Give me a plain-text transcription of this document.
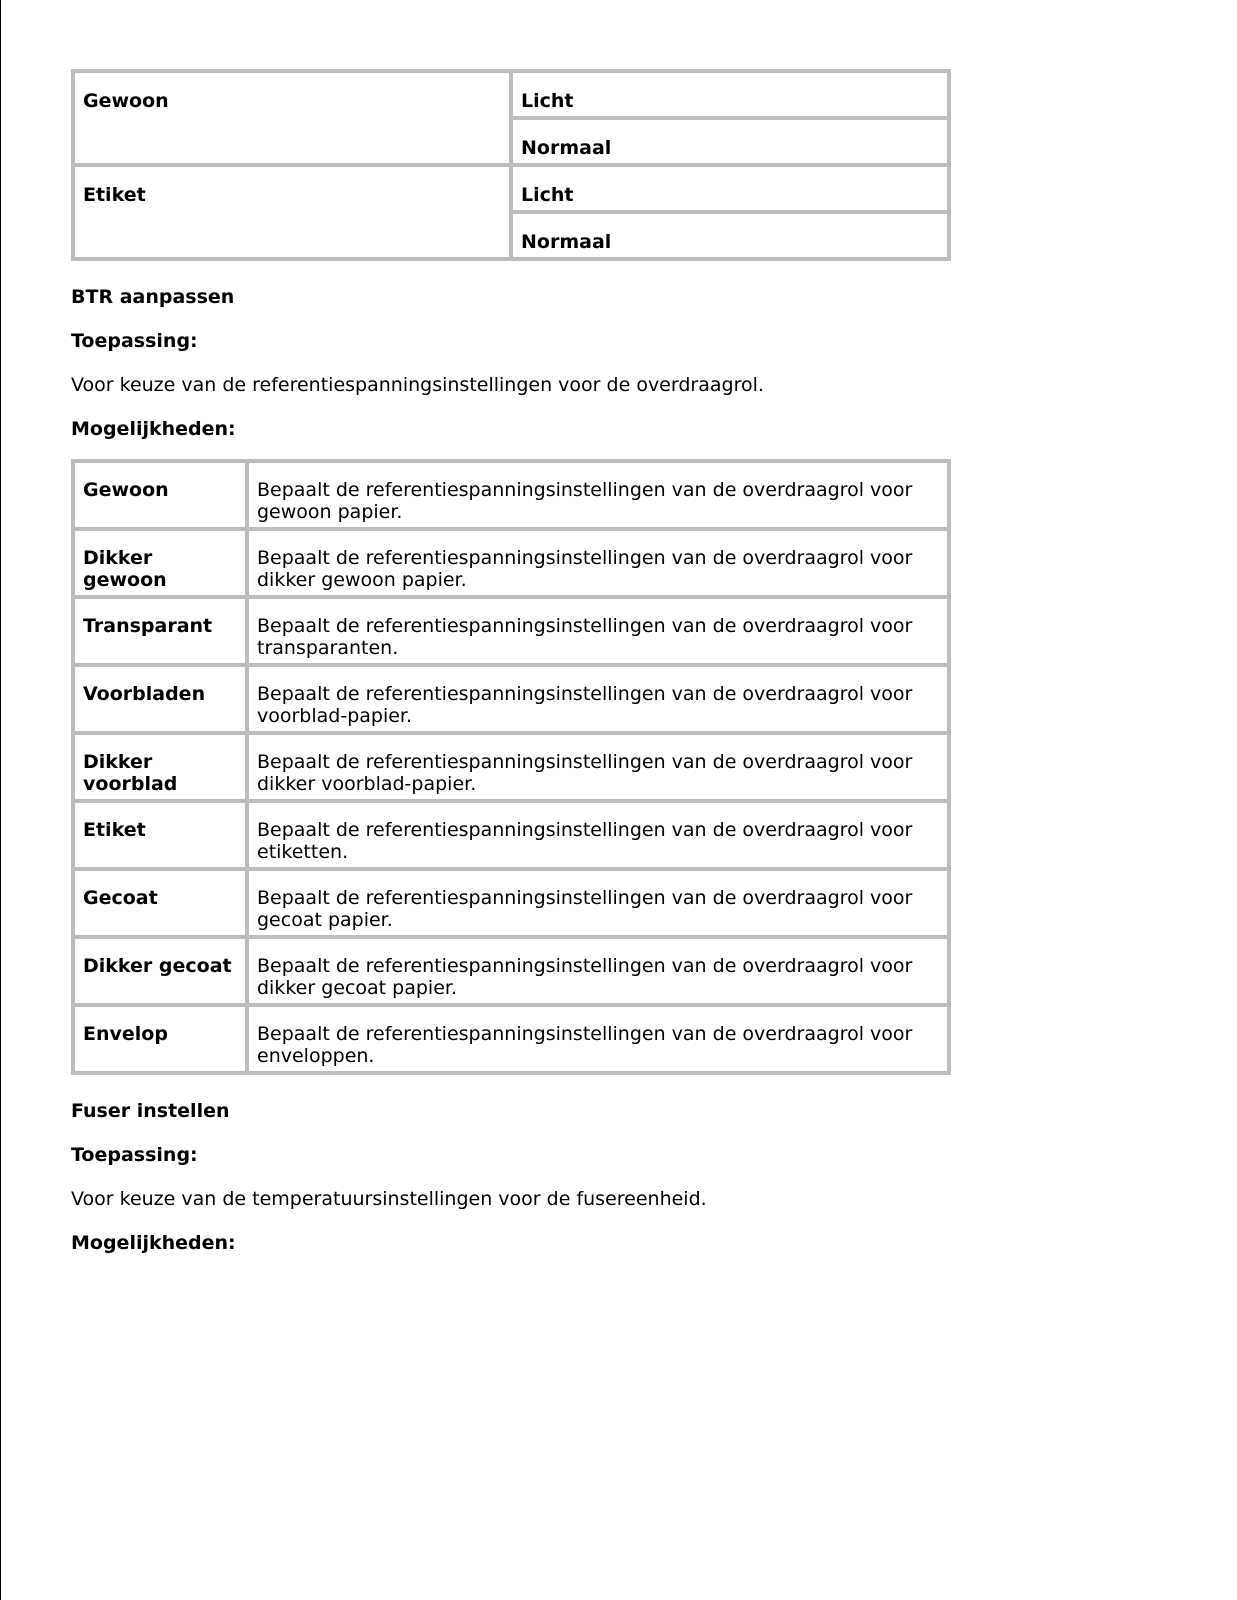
Gewoon	Licht
	Normaal
Etiket	Licht
	Normaal

BTR aanpassen

Toepassing:

Voor keuze van de referentiespanningsinstellingen voor de overdraagrol.

Mogelijkheden:

Gewoon	Bepaalt de referentiespanningsinstellingen van de overdraagrol voor gewoon papier.
Dikker gewoon	Bepaalt de referentiespanningsinstellingen van de overdraagrol voor dikker gewoon papier.
Transparant	Bepaalt de referentiespanningsinstellingen van de overdraagrol voor transparanten.
Voorbladen	Bepaalt de referentiespanningsinstellingen van de overdraagrol voor voorblad-papier.
Dikker voorblad	Bepaalt de referentiespanningsinstellingen van de overdraagrol voor dikker voorblad-papier.
Etiket	Bepaalt de referentiespanningsinstellingen van de overdraagrol voor etiketten.
Gecoat	Bepaalt de referentiespanningsinstellingen van de overdraagrol voor gecoat papier.
Dikker gecoat	Bepaalt de referentiespanningsinstellingen van de overdraagrol voor dikker gecoat papier.
Envelop	Bepaalt de referentiespanningsinstellingen van de overdraagrol voor enveloppen.

Fuser instellen

Toepassing:

Voor keuze van de temperatuursinstellingen voor de fusereenheid.

Mogelijkheden:
